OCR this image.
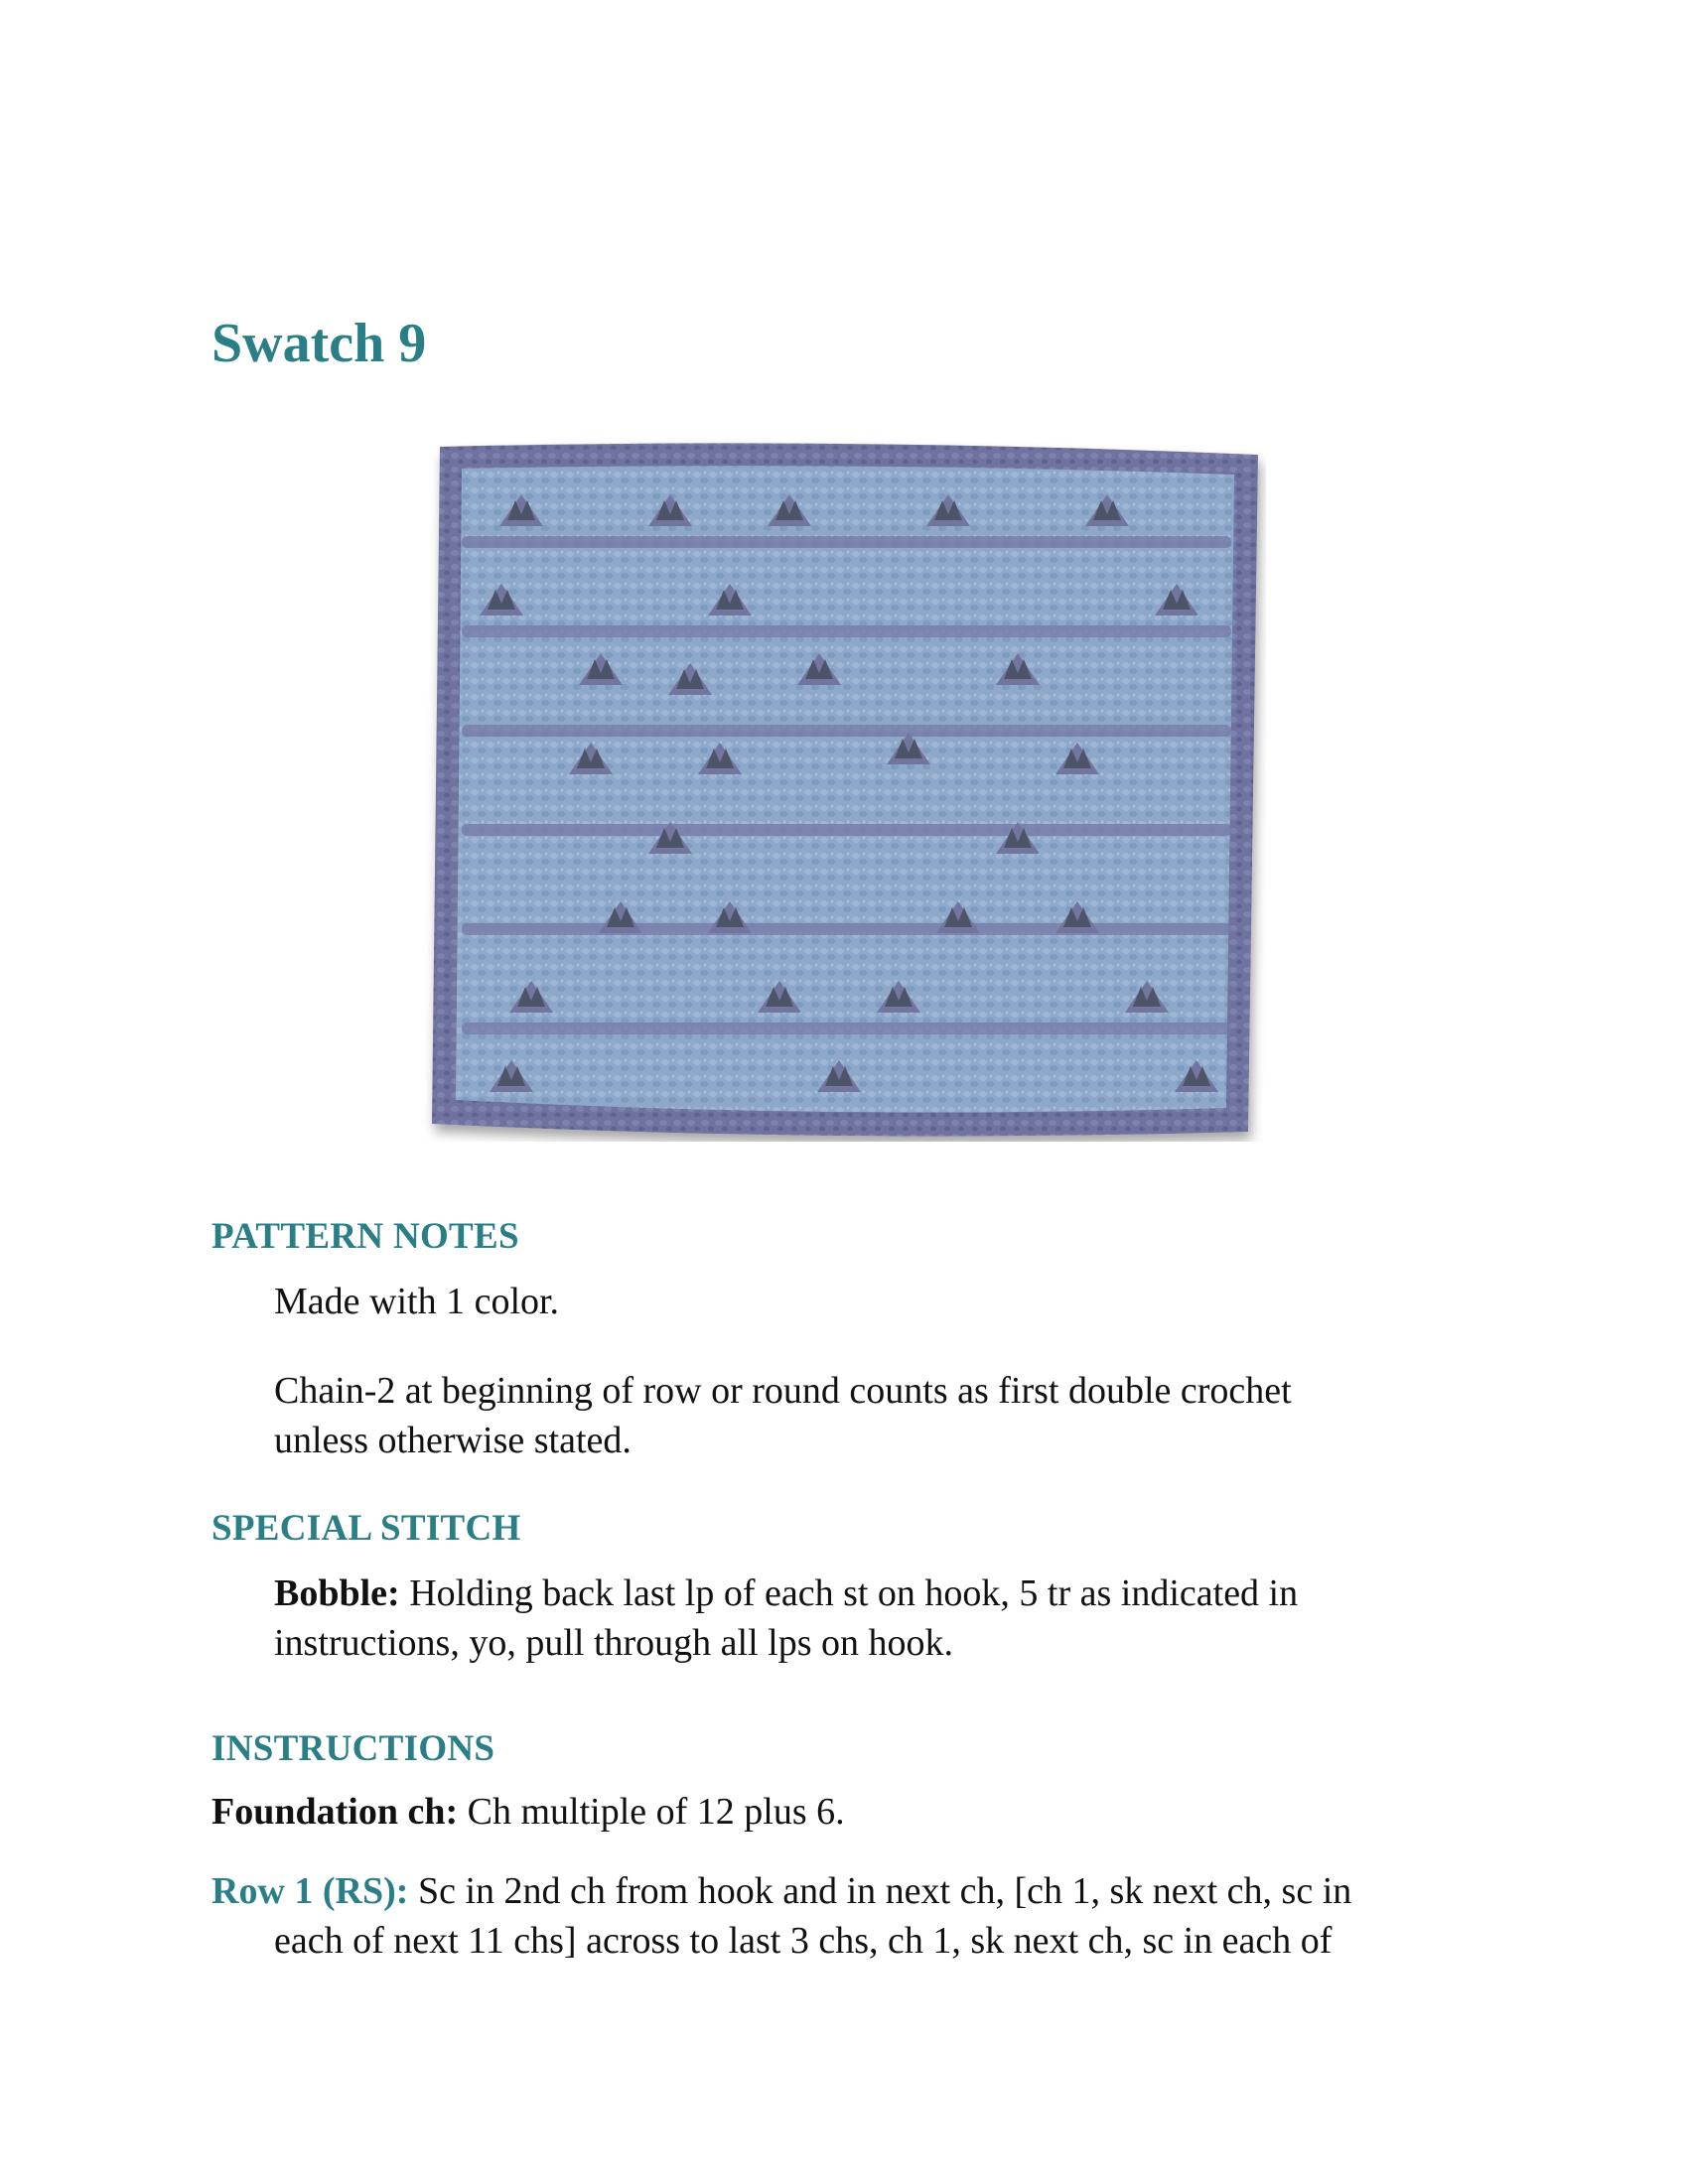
Swatch 9
PATTERN NOTES

Made with 1 color.

Chain-2 at beginning of row or round counts as first double crochet

unless otherwise stated.

SPECIAL STITCH

Bobble: Holding back last lp of each st on hook, 5 tr as indicated in

instructions, yo, pull through all lps on hook.

INSTRUCTIONS

Foundation ch: Ch multiple of 12 plus 6.

Row 1 (RS): Sc in 2nd ch from hook and in next ch, [ch 1, sk next ch, sc in

each of next 11 chs] across to last 3 chs, ch 1, sk next ch, sc in each of
